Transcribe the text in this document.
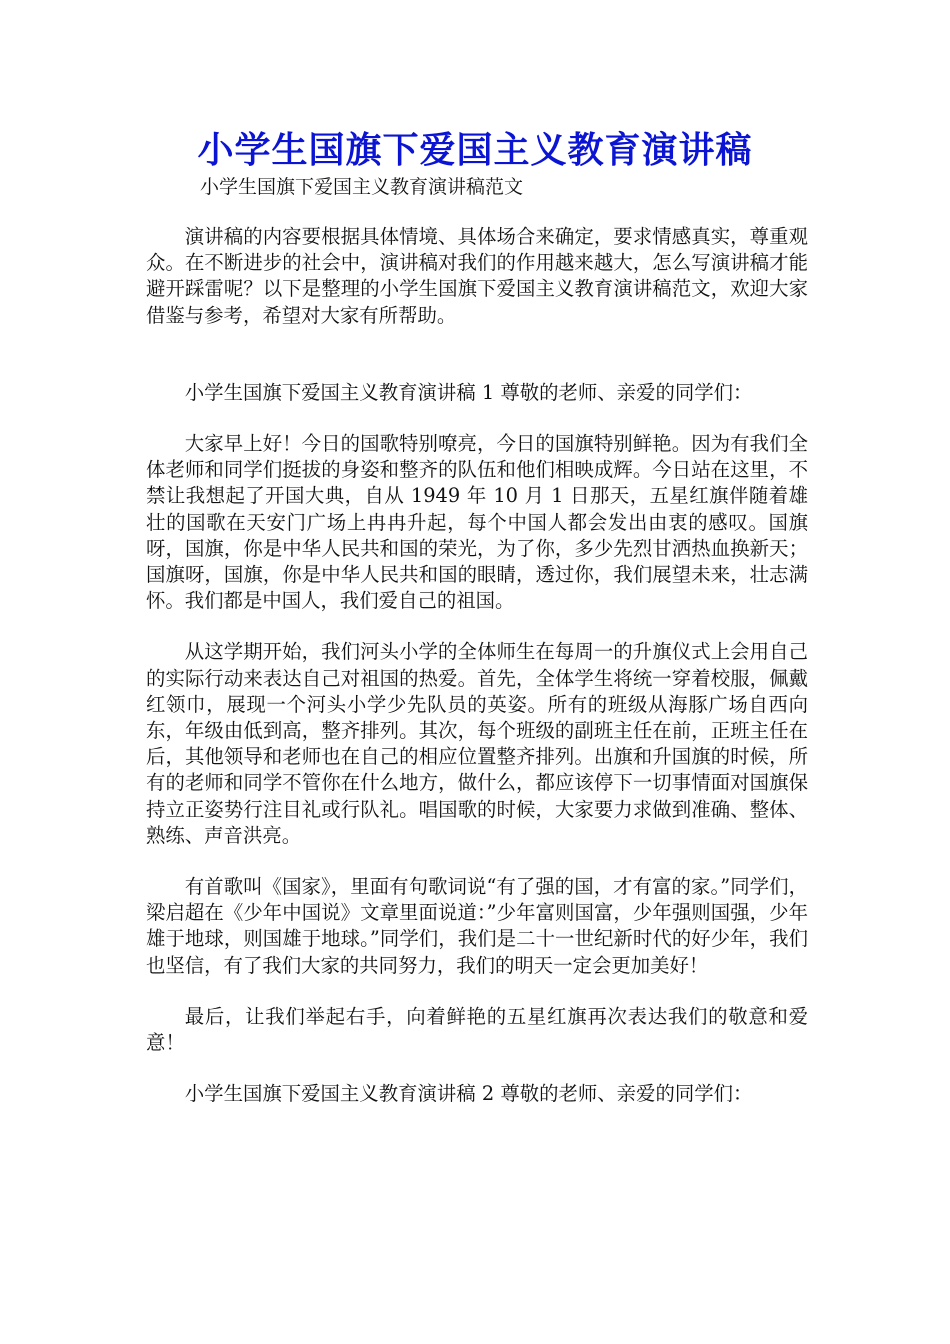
小学生国旗下爱国主义教育演讲稿
小学生国旗下爱国主义教育演讲稿范文

演讲稿的内容要根据具体情境、具体场合来确定，要求情感真实，尊重观众。在不断进步的社会中，演讲稿对我们的作用越来越大，怎么写演讲稿才能避开踩雷呢？以下是整理的小学生国旗下爱国主义教育演讲稿范文，欢迎大家借鉴与参考，希望对大家有所帮助。

小学生国旗下爱国主义教育演讲稿 1 尊敬的老师、亲爱的同学们：

大家早上好！今日的国歌特别嘹亮，今日的国旗特别鲜艳。因为有我们全体老师和同学们挺拔的身姿和整齐的队伍和他们相映成辉。今日站在这里，不禁让我想起了开国大典，自从 1949 年 10 月 1 日那天，五星红旗伴随着雄壮的国歌在天安门广场上冉冉升起，每个中国人都会发出由衷的感叹。国旗呀，国旗，你是中华人民共和国的荣光，为了你，多少先烈甘洒热血换新天；国旗呀，国旗，你是中华人民共和国的眼睛，透过你，我们展望未来，壮志满怀。我们都是中国人，我们爱自己的祖国。

从这学期开始，我们河头小学的全体师生在每周一的升旗仪式上会用自己的实际行动来表达自己对祖国的热爱。首先，全体学生将统一穿着校服，佩戴红领巾，展现一个河头小学少先队员的英姿。所有的班级从海豚广场自西向东，年级由低到高，整齐排列。其次，每个班级的副班主任在前，正班主任在后，其他领导和老师也在自己的相应位置整齐排列。出旗和升国旗的时候，所有的老师和同学不管你在什么地方，做什么，都应该停下一切事情面对国旗保持立正姿势行注目礼或行队礼。唱国歌的时候，大家要力求做到准确、整体、熟练、声音洪亮。

有首歌叫《国家》，里面有句歌词说“有了强的国，才有富的家。”同学们，梁启超在《少年中国说》文章里面说道：”少年富则国富，少年强则国强，少年雄于地球，则国雄于地球。”同学们，我们是二十一世纪新时代的好少年，我们也坚信，有了我们大家的共同努力，我们的明天一定会更加美好！

最后，让我们举起右手，向着鲜艳的五星红旗再次表达我们的敬意和爱意！

小学生国旗下爱国主义教育演讲稿 2 尊敬的老师、亲爱的同学们：
